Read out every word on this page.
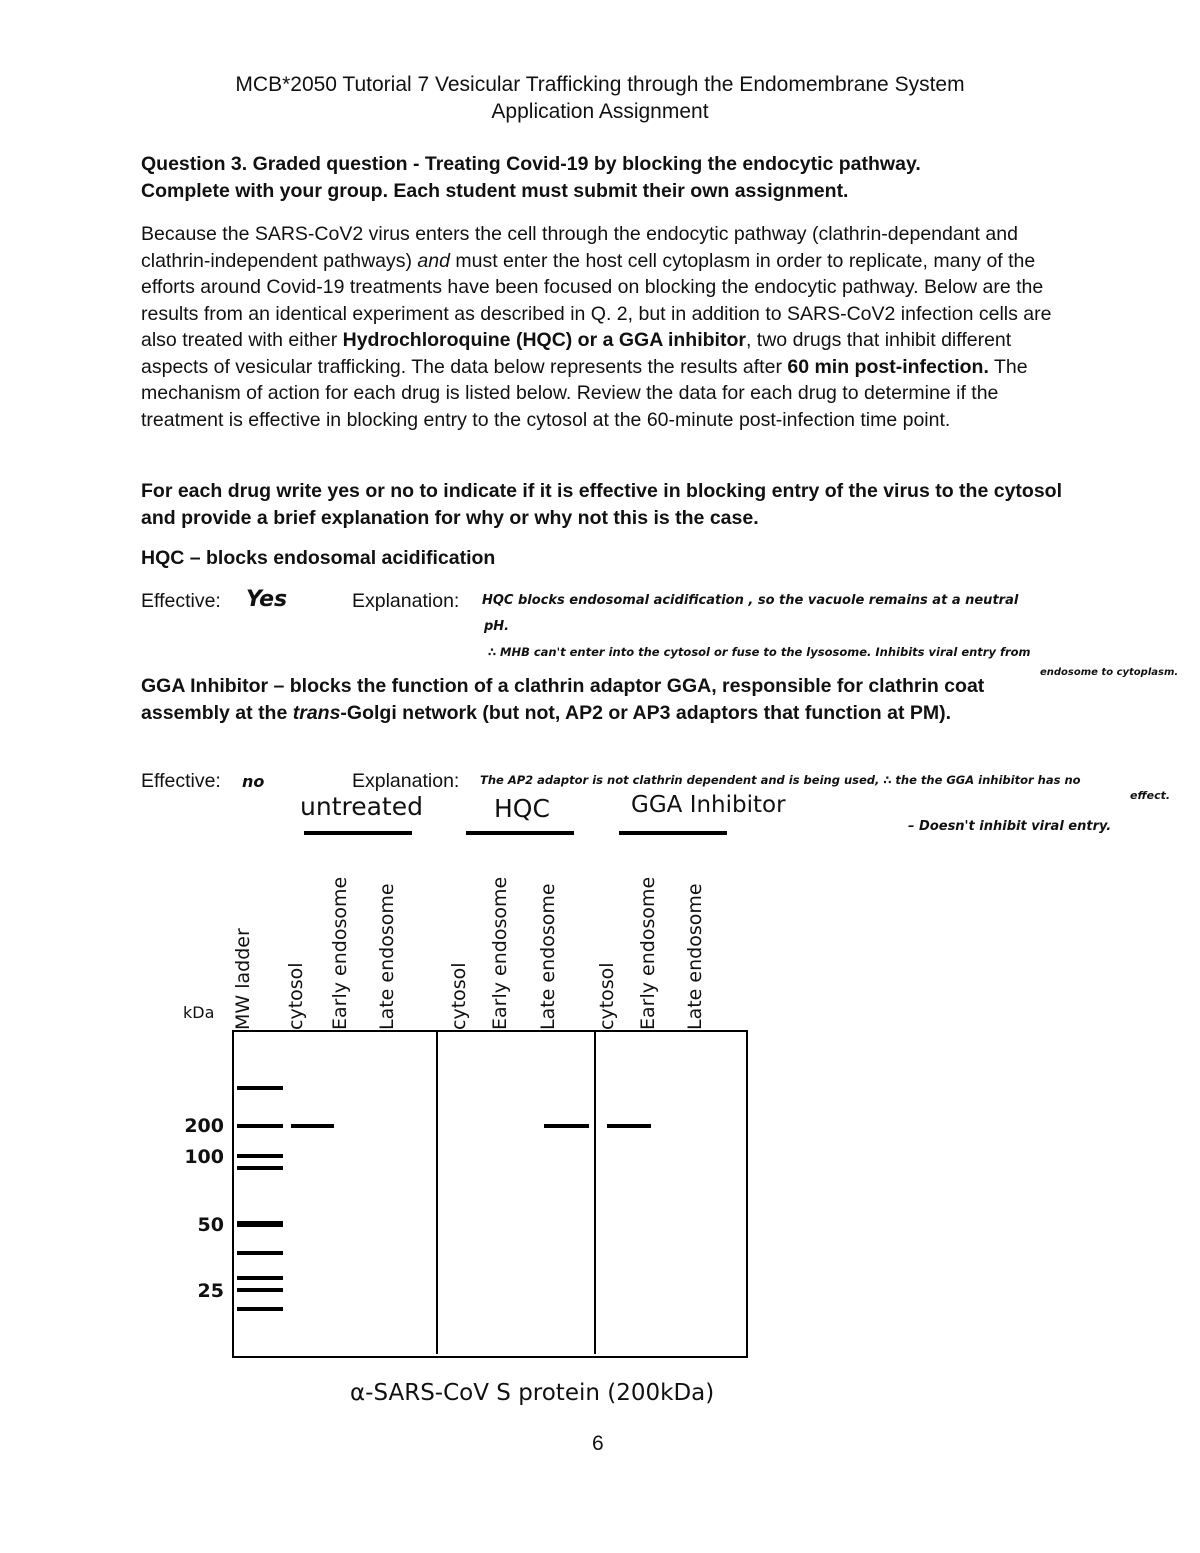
MCB*2050 Tutorial 7 Vesicular Trafficking through the Endomembrane System
Application Assignment

Question 3. Graded question - Treating Covid-19 by blocking the endocytic pathway.
Complete with your group. Each student must submit their own assignment.

Because the SARS-CoV2 virus enters the cell through the endocytic pathway (clathrin-dependant and clathrin-independent pathways) and must enter the host cell cytoplasm in order to replicate, many of the efforts around Covid-19 treatments have been focused on blocking the endocytic pathway. Below are the results from an identical experiment as described in Q. 2, but in addition to SARS-CoV2 infection cells are also treated with either Hydrochloroquine (HQC) or a GGA inhibitor, two drugs that inhibit different aspects of vesicular trafficking. The data below represents the results after 60 min post-infection. The mechanism of action for each drug is listed below. Review the data for each drug to determine if the treatment is effective in blocking entry to the cytosol at the 60-minute post-infection time point.

For each drug write yes or no to indicate if it is effective in blocking entry of the virus to the cytosol and provide a brief explanation for why or why not this is the case.

HQC – blocks endosomal acidification
Effective: Yes	Explanation: HQC blocks endosomal acidification , so the vacuole remains at a neutral
pH.
∴ MHB can't enter into the cytosol or fuse to the lysosome. Inhibits viral entry from
endosome to cytoplasm.

GGA Inhibitor – blocks the function of a clathrin adaptor GGA, responsible for clathrin coat assembly at the trans-Golgi network (but not, AP2 or AP3 adaptors that function at PM).

Effective: no	Explanation: The AP2 adaptor is not clathrin dependent and is being used, ∴ the the GGA inhibitor has no
effect.
– Doesn't inhibit viral entry.
untreated	HQC	GGA Inhibitor
MW ladder cytosol Early endosome Late endosome	cytosol Early endosome Late endosome cytosol Early endosome Late endosome
kDa
200
100
50
25
α-SARS-CoV S protein (200kDa)
6
